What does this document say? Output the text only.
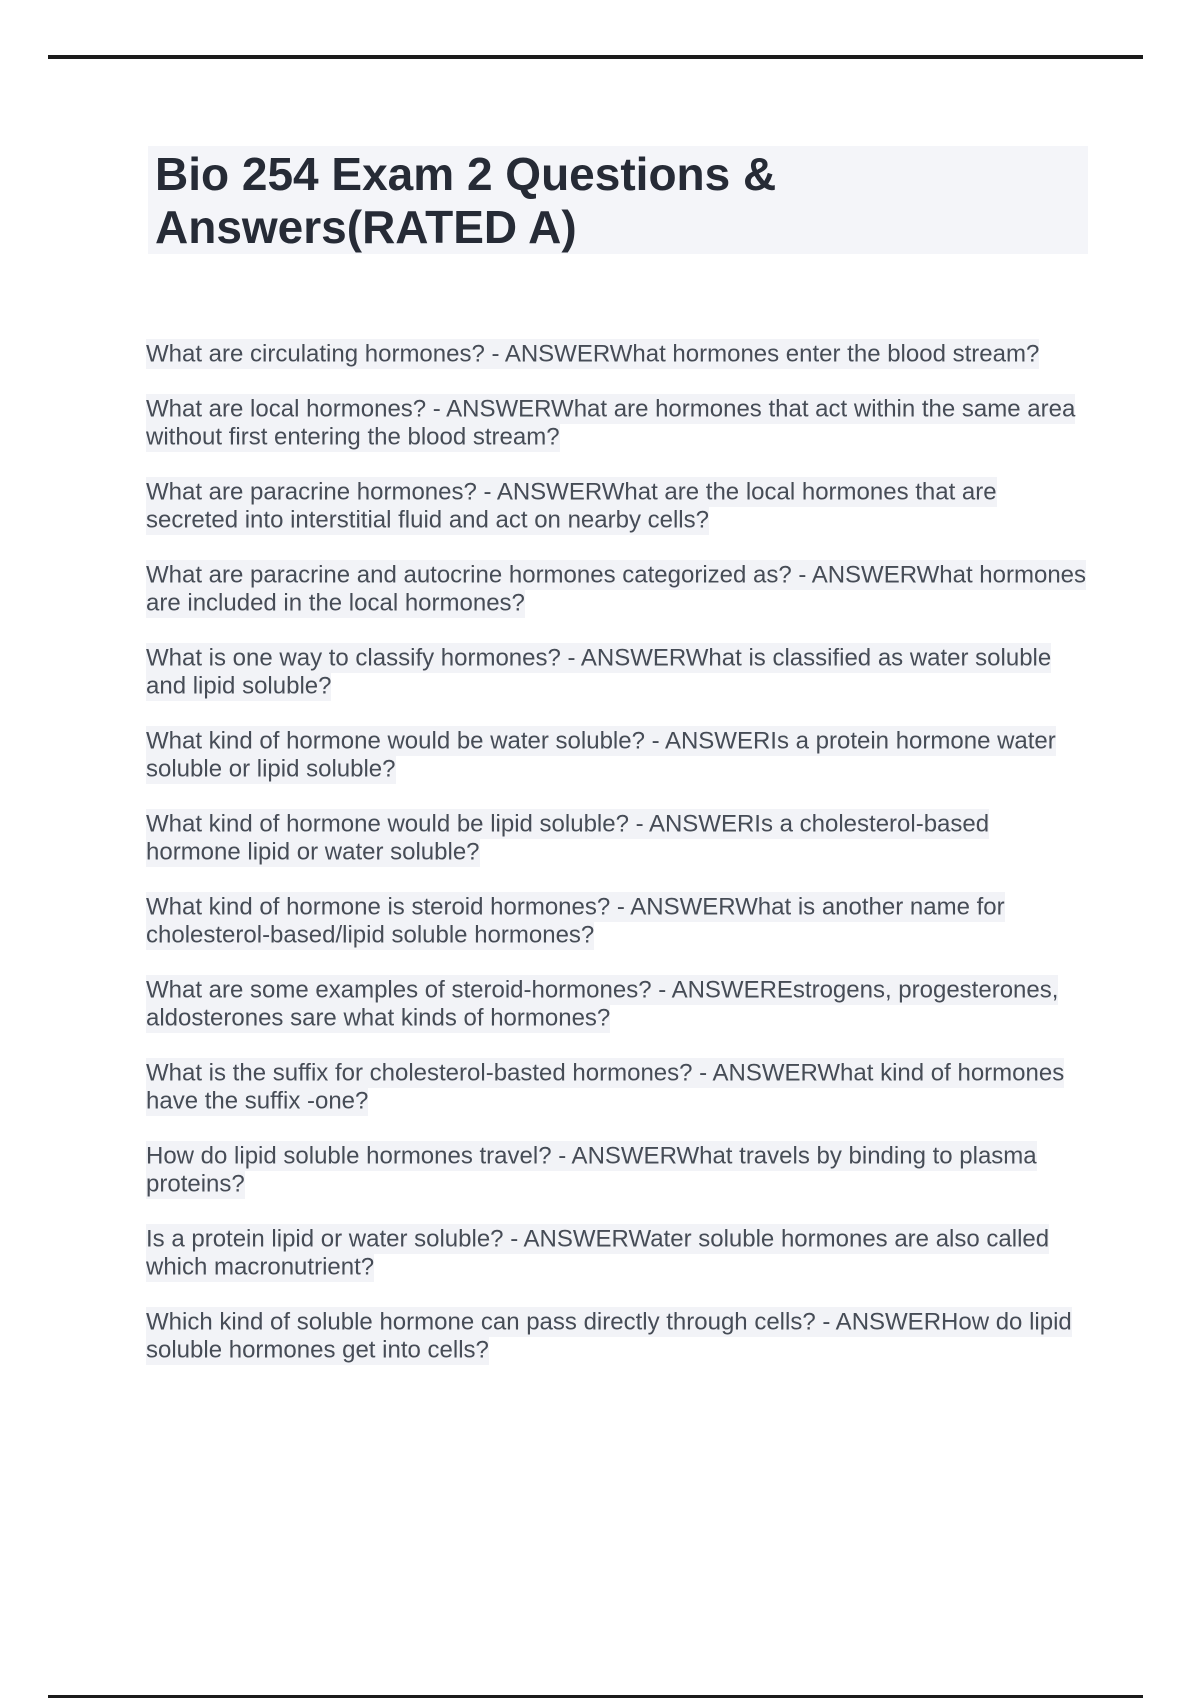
Bio 254 Exam 2 Questions & Answers(RATED A)

What are circulating hormones? - ANSWERWhat hormones enter the blood stream?

What are local hormones? - ANSWERWhat are hormones that act within the same area without first entering the blood stream?

What are paracrine hormones? - ANSWERWhat are the local hormones that are secreted into interstitial fluid and act on nearby cells?

What are paracrine and autocrine hormones categorized as? - ANSWERWhat hormones are included in the local hormones?

What is one way to classify hormones? - ANSWERWhat is classified as water soluble and lipid soluble?

What kind of hormone would be water soluble? - ANSWERIs a protein hormone water soluble or lipid soluble?

What kind of hormone would be lipid soluble? - ANSWERIs a cholesterol-based hormone lipid or water soluble?

What kind of hormone is steroid hormones? - ANSWERWhat is another name for cholesterol-based/lipid soluble hormones?

What are some examples of steroid-hormones? - ANSWEREstrogens, progesterones, aldosterones sare what kinds of hormones?

What is the suffix for cholesterol-basted hormones? - ANSWERWhat kind of hormones have the suffix -one?

How do lipid soluble hormones travel? - ANSWERWhat travels by binding to plasma proteins?

Is a protein lipid or water soluble? - ANSWERWater soluble hormones are also called which macronutrient?

Which kind of soluble hormone can pass directly through cells? - ANSWERHow do lipid soluble hormones get into cells?
